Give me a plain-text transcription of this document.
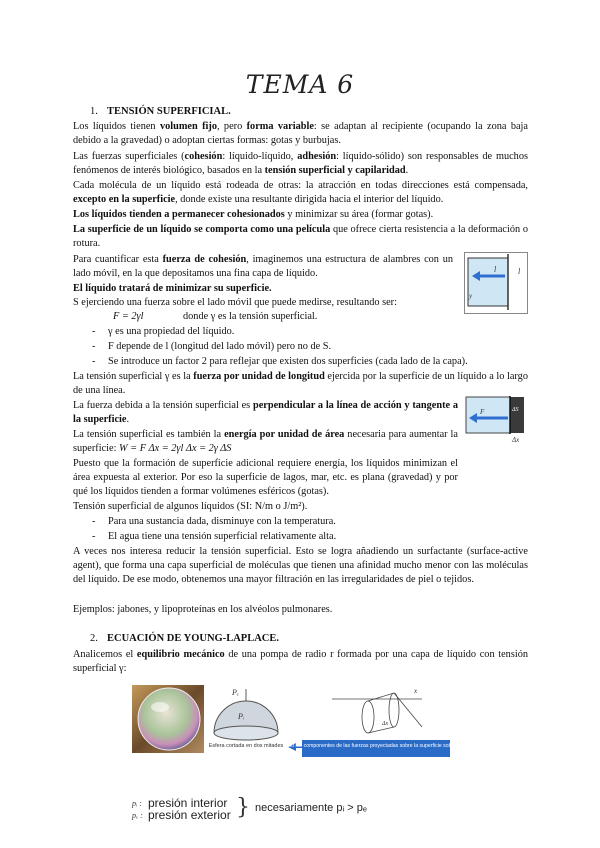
TEMA 6
1. TENSIÓN SUPERFICIAL.

Los líquidos tienen volumen fijo, pero forma variable: se adaptan al recipiente (ocupando la zona baja debido a la gravedad) o adoptan ciertas formas: gotas y burbujas.

Las fuerzas superficiales (cohesión: líquido-líquido, adhesión: líquido-sólido) son responsables de muchos fenómenos de interés biológico, basados en la tensión superficial y capilaridad.

Cada molécula de un líquido está rodeada de otras: la atracción en todas direcciones está compensada, excepto en la superficie, donde existe una resultante dirigida hacia el interior del líquido.

Los líquidos tienden a permanecer cohesionados y minimizar su área (formar gotas).

La superficie de un líquido se comporta como una película que ofrece cierta resistencia a la deformación o rotura.

Para cuantificar esta fuerza de cohesión, imaginemos una estructura de alambres con un lado móvil, en la que depositamos una fina capa de líquido.

El líquido tratará de minimizar su superficie.

S ejerciendo una fuerza sobre el lado móvil que puede medirse, resultando ser:

F = 2γl	donde γ es la tensión superficial.
- γ es una propiedad del líquido.
- F depende de l (longitud del lado móvil) pero no de S.
- Se introduce un factor 2 para reflejar que existen dos superficies (cada lado de la capa).

La tensión superficial γ es la fuerza por unidad de longitud ejercida por la superficie de un líquido a lo largo de una línea.

La fuerza debida a la tensión superficial es perpendicular a la línea de acción y tangente a la superficie.

La tensión superficial es también la energía por unidad de área necesaria para aumentar la superficie: W = F Δx = 2γl Δx = 2γ ΔS

Puesto que la formación de superficie adicional requiere energía, los líquidos minimizan el área expuesta al exterior. Por eso la superficie de lagos, mar, etc. es plana (gravedad) y por qué los líquidos tienden a formar volúmenes esféricos (gotas).

Tensión superficial de algunos líquidos (SI: N/m o J/m²).

- Para una sustancia dada, disminuye con la temperatura.
- El agua tiene una tensión superficial relativamente alta.

A veces nos interesa reducir la tensión superficial. Esto se logra añadiendo un surfactante (surface-active agent), que forma una capa superficial de moléculas que tienen una afinidad mucho menor con las moléculas del líquido. De ese modo, obtenemos una mayor filtración en las irregularidades de piel o tejidos.

Ejemplos: jabones, y lipoproteínas en los alvéolos pulmonares.

2. ECUACIÓN DE YOUNG-LAPLACE.

Analicemos el equilibrio mecánico de una pompa de radio r formada por una capa de líquido con tensión superficial γ:

l	l
y
F	ΔS
Δx
Pₑ
Pᵢ
Esfera cortada en dos mitades Sólo las componentes de las fuerzas proyectadas sobre la superficie sobreviven
x
Δx
pᵢ : presión interior
pₑ : presión exterior } necesariamente pᵢ > pₑ
